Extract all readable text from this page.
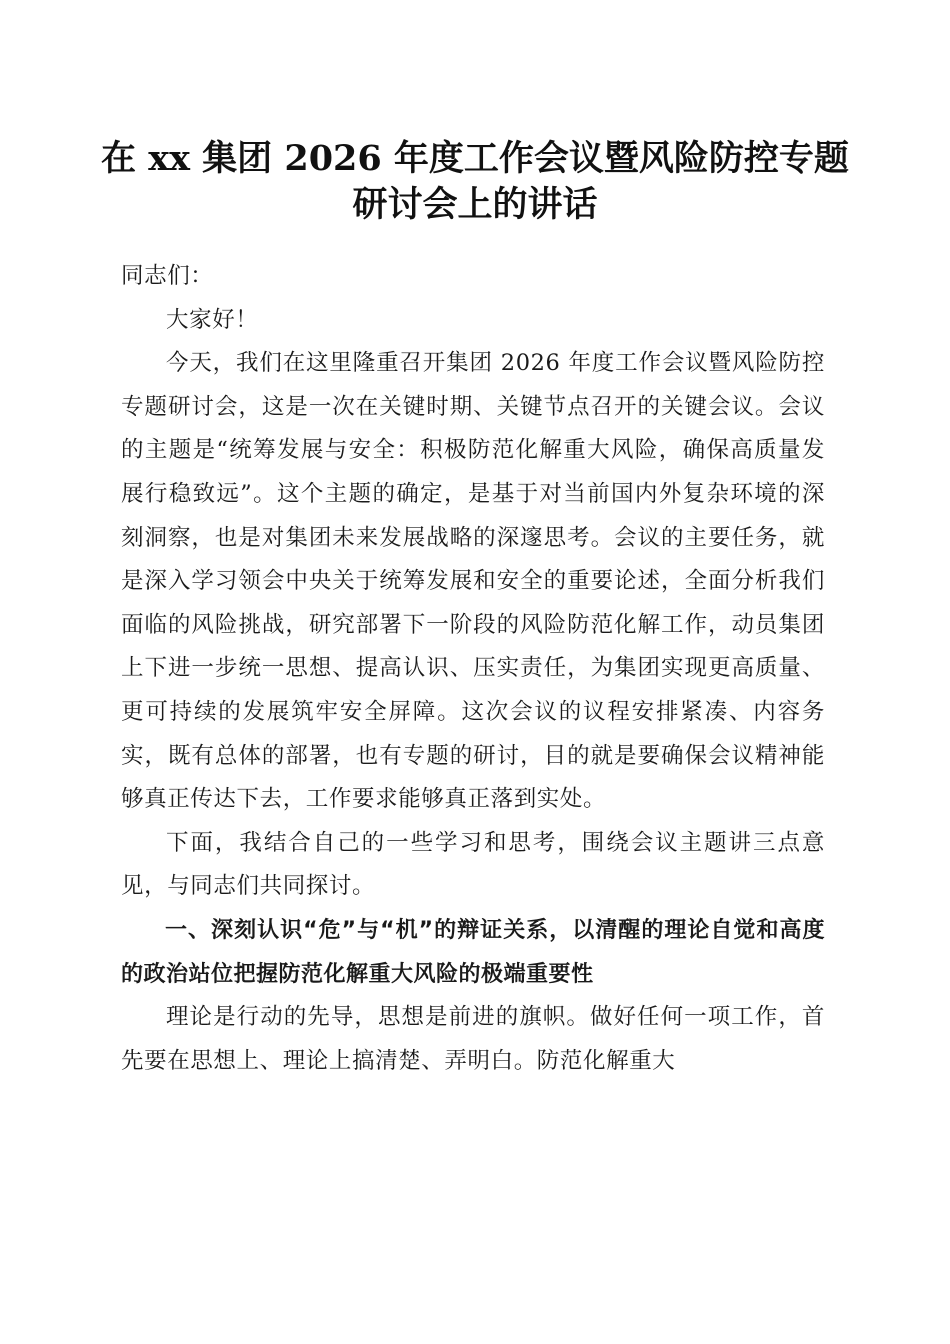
在 xx 集团 2026 年度工作会议暨风险防控专题
研讨会上的讲话

同志们：

大家好！

今天，我们在这里隆重召开集团 2026 年度工作会议暨风险防控专题研讨会，这是一次在关键时期、关键节点召开的关键会议。会议的主题是“统筹发展与安全：积极防范化解重大风险，确保高质量发展行稳致远”。这个主题的确定，是基于对当前国内外复杂环境的深刻洞察，也是对集团未来发展战略的深邃思考。会议的主要任务，就是深入学习领会中央关于统筹发展和安全的重要论述，全面分析我们面临的风险挑战，研究部署下一阶段的风险防范化解工作，动员集团上下进一步统一思想、提高认识、压实责任，为集团实现更高质量、更可持续的发展筑牢安全屏障。这次会议的议程安排紧凑、内容务实，既有总体的部署，也有专题的研讨，目的就是要确保会议精神能够真正传达下去，工作要求能够真正落到实处。

下面，我结合自己的一些学习和思考，围绕会议主题讲三点意见，与同志们共同探讨。

一、深刻认识“危”与“机”的辩证关系，以清醒的理论自觉和高度的政治站位把握防范化解重大风险的极端重要性

理论是行动的先导，思想是前进的旗帜。做好任何一项工作，首先要在思想上、理论上搞清楚、弄明白。防范化解重大
